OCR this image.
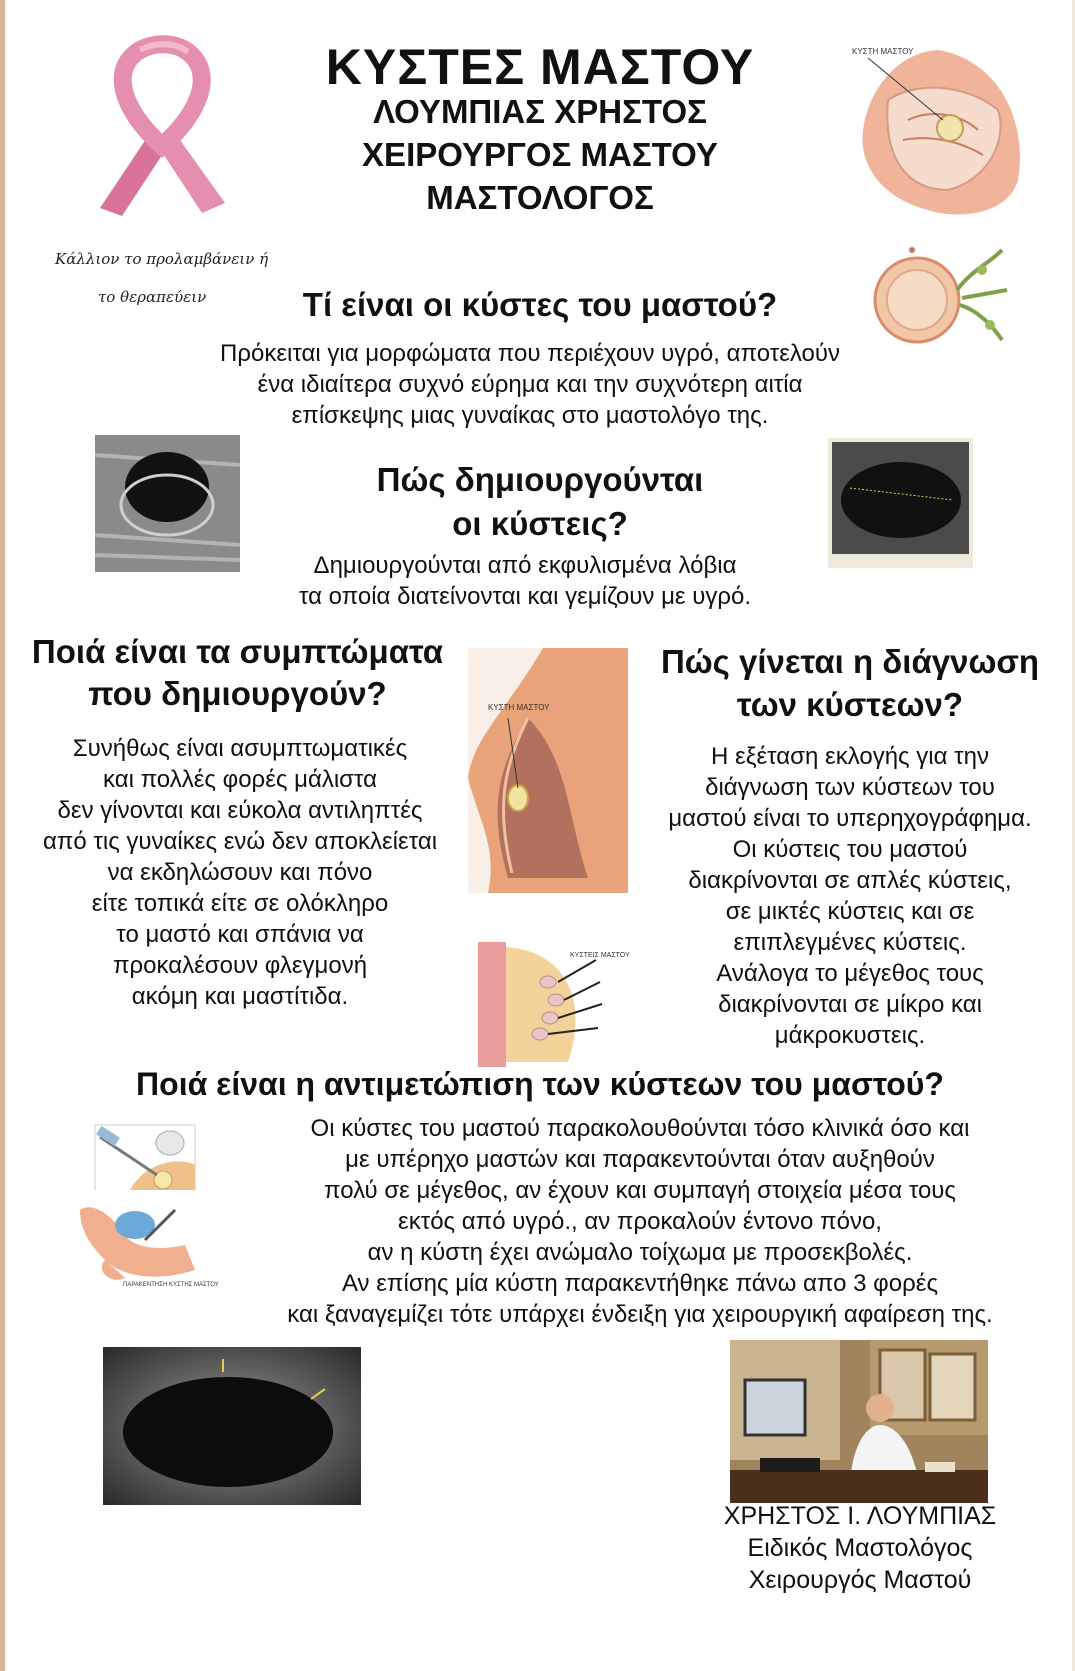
Κάλλιον το προλαμβάνειν ή
το θεραπεύειν
ΚΥΣΤΕΣ ΜΑΣΤΟΥ
ΛΟΥΜΠΙΑΣ ΧΡΗΣΤΟΣ
ΧΕΙΡΟΥΡΓΟΣ ΜΑΣΤΟΥ
ΜΑΣΤΟΛΟΓΟΣ
ΚΥΣΤΗ ΜΑΣΤΟΥ
Τί είναι οι κύστες του μαστού?
Πρόκειται για μορφώματα που περιέχουν υγρό, αποτελούν
ένα ιδιαίτερα συχνό εύρημα και την συχνότερη αιτία
επίσκεψης μιας γυναίκας στο μαστολόγο της.
Πώς δημιουργούνται
οι κύστεις?
Δημιουργούνται από εκφυλισμένα λόβια
τα οποία διατείνονται και γεμίζουν με υγρό.
Ποιά είναι τα συμπτώματα
που δημιουργούν?
Συνήθως είναι ασυμπτωματικές
και πολλές φορές μάλιστα
δεν γίνονται και εύκολα αντιληπτές
από τις γυναίκες ενώ δεν αποκλείεται
να εκδηλώσουν και πόνο
είτε τοπικά είτε σε ολόκληρο
το μαστό και σπάνια να
προκαλέσουν φλεγμονή
ακόμη και μαστίτιδα.
ΚΥΣΤΗ ΜΑΣΤΟΥ
ΚΥΣΤΕΙΣ ΜΑΣΤΟΥ
Πώς γίνεται η διάγνωση
των κύστεων?
Η εξέταση εκλογής για την
διάγνωση των κύστεων του
μαστού είναι το υπερηχογράφημα.
Οι κύστεις του μαστού
διακρίνονται σε απλές κύστεις,
σε μικτές κύστεις και σε
επιπλεγμένες κύστεις.
Ανάλογα το μέγεθος τους
διακρίνονται σε μίκρο και
μάκροκυστεις.
Ποιά είναι η αντιμετώπιση των κύστεων του μαστού?
Οι κύστες του μαστού παρακολουθούνται τόσο κλινικά όσο και
με υπέρηχο μαστών και παρακεντούνται όταν αυξηθούν
πολύ σε μέγεθος, αν έχουν και συμπαγή στοιχεία μέσα τους
εκτός από υγρό., αν προκαλούν έντονο πόνο,
αν η κύστη έχει ανώμαλο τοίχωμα με προσεκβολές.
Αν επίσης μία κύστη παρακεντήθηκε πάνω απο 3 φορές
και ξαναγεμίζει τότε υπάρχει ένδειξη για χειρουργική αφαίρεση της.
ΠΑΡΑΚΕΝΤΗΣΗ ΚΥΣΤΗΣ ΜΑΣΤΟΥ
ΧΡΗΣΤΟΣ Ι. ΛΟΥΜΠΙΑΣ
Ειδικός Μαστολόγος
Χειρουργός Μαστού
